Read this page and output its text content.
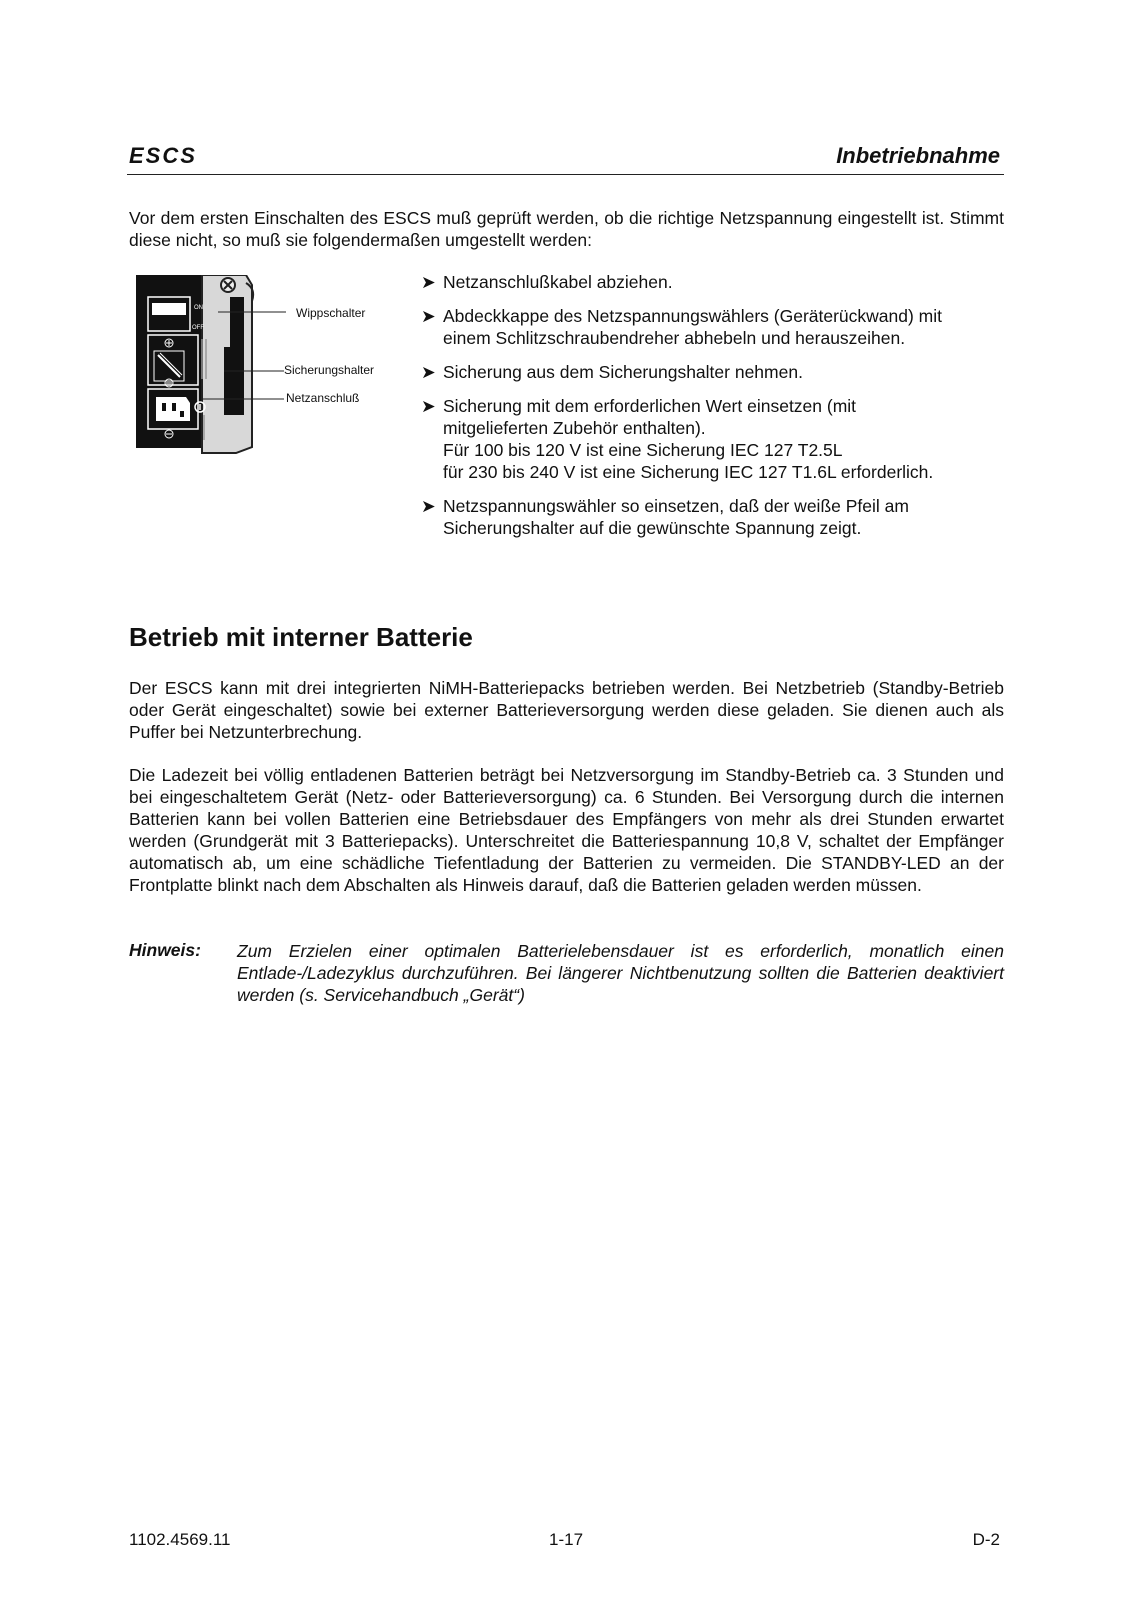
ESCS	Inbetriebnahme

Vor dem ersten Einschalten des ESCS muß geprüft werden, ob die richtige Netzspannung eingestellt ist. Stimmt diese nicht, so muß sie folgendermaßen umgestellt werden:

ON
OFF
Wippschalter
Sicherungshalter
Netzanschluß
➤ Netzanschlußkabel abziehen.
➤ Abdeckkappe des Netzspannungswählers (Geräterückwand) mit
einem Schlitzschraubendreher abhebeln und herauszeihen.
➤ Sicherung aus dem Sicherungshalter nehmen.
➤ Sicherung mit dem erforderlichen Wert einsetzen (mit
mitgelieferten Zubehör enthalten).
Für 100 bis 120 V ist eine Sicherung IEC 127 T2.5L
für 230 bis 240 V ist eine Sicherung IEC 127 T1.6L erforderlich.
➤ Netzspannungswähler so einsetzen, daß der weiße Pfeil am
Sicherungshalter auf die gewünschte Spannung zeigt.
Betrieb mit interner Batterie

Der ESCS kann mit drei integrierten NiMH-Batteriepacks betrieben werden. Bei Netzbetrieb (Standby-Betrieb oder Gerät eingeschaltet) sowie bei externer Batterieversorgung werden diese geladen. Sie dienen auch als Puffer bei Netzunterbrechung.

Die Ladezeit bei völlig entladenen Batterien beträgt bei Netzversorgung im Standby-Betrieb ca. 3 Stunden und bei eingeschaltetem Gerät (Netz- oder Batterieversorgung) ca. 6 Stunden. Bei Versorgung durch die internen Batterien kann bei vollen Batterien eine Betriebsdauer des Empfängers von mehr als drei Stunden erwartet werden (Grundgerät mit 3 Batteriepacks). Unterschreitet die Batteriespannung 10,8 V, schaltet der Empfänger automatisch ab, um eine schädliche Tiefentladung der Batterien zu vermeiden. Die STANDBY-LED an der Frontplatte blinkt nach dem Abschalten als Hinweis darauf, daß die Batterien geladen werden müssen.

Hinweis: Zum Erzielen einer optimalen Batterielebensdauer ist es erforderlich, monatlich einen Entlade-/Ladezyklus durchzuführen. Bei längerer Nichtbenutzung sollten die Batterien deaktiviert werden (s. Servicehandbuch „Gerät“)

1102.4569.11	1-17	D-2
